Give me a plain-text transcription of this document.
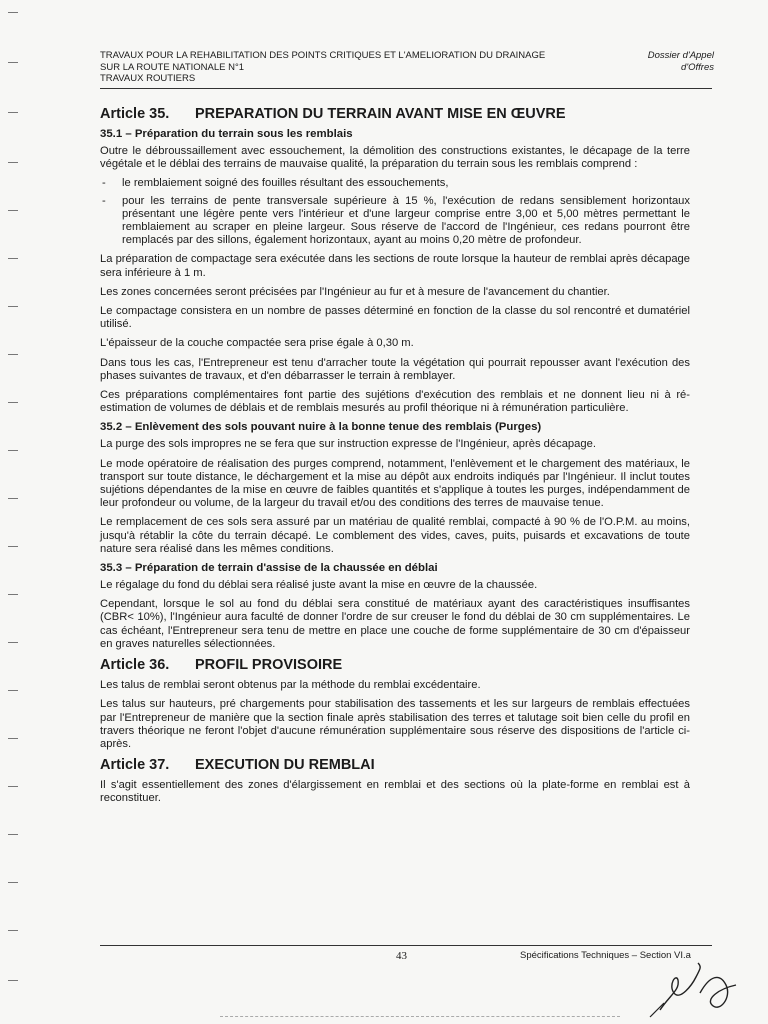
TRAVAUX POUR LA REHABILITATION DES POINTS CRITIQUES ET L'AMELIORATION DU DRAINAGE
SUR LA ROUTE NATIONALE N°1
TRAVAUX ROUTIERS
Dossier d'Appel
d'Offres
Article 35. PREPARATION DU TERRAIN AVANT MISE EN ŒUVRE
35.1 – Préparation du terrain sous les remblais

Outre le débroussaillement avec essouchement, la démolition des constructions existantes, le décapage de la terre végétale et le déblai des terrains de mauvaise qualité, la préparation du terrain sous les remblais comprend :

- le remblaiement soigné des fouilles résultant des essouchements,
- pour les terrains de pente transversale supérieure à 15 %, l'exécution de redans sensiblement horizontaux présentant une légère pente vers l'intérieur et d'une largeur comprise entre 3,00 et 5,00 mètres permettant le remblaiement au scraper en pleine largeur. Sous réserve de l'accord de l'Ingénieur, ces redans pourront être remplacés par des sillons, également horizontaux, ayant au moins 0,20 mètre de profondeur.

La préparation de compactage sera exécutée dans les sections de route lorsque la hauteur de remblai après décapage sera inférieure à 1 m.

Les zones concernées seront précisées par l'Ingénieur au fur et à mesure de l'avancement du chantier.

Le compactage consistera en un nombre de passes déterminé en fonction de la classe du sol rencontré et dumatériel utilisé.

L'épaisseur de la couche compactée sera prise égale à 0,30 m.

Dans tous les cas, l'Entrepreneur est tenu d'arracher toute la végétation qui pourrait repousser avant l'exécution des phases suivantes de travaux, et d'en débarrasser le terrain à remblayer.

Ces préparations complémentaires font partie des sujétions d'exécution des remblais et ne donnent lieu ni à ré-estimation de volumes de déblais et de remblais mesurés au profil théorique ni à rémunération particulière.

35.2 – Enlèvement des sols pouvant nuire à la bonne tenue des remblais (Purges)

La purge des sols impropres ne se fera que sur instruction expresse de l'Ingénieur, après décapage.

Le mode opératoire de réalisation des purges comprend, notamment, l'enlèvement et le chargement des matériaux, le transport sur toute distance, le déchargement et la mise au dépôt aux endroits indiqués par l'Ingénieur. Il inclut toutes sujétions dépendantes de la mise en œuvre de faibles quantités et s'applique à toutes les purges, indépendamment de leur profondeur ou volume, de la largeur du travail et/ou des conditions des terres de mauvaise tenue.

Le remplacement de ces sols sera assuré par un matériau de qualité remblai, compacté à 90 % de l'O.P.M. au moins, jusqu'à rétablir la côte du terrain décapé. Le comblement des vides, caves, puits, puisards et excavations de toute nature sera réalisé dans les mêmes conditions.

35.3 – Préparation de terrain d'assise de la chaussée en déblai

Le régalage du fond du déblai sera réalisé juste avant la mise en œuvre de la chaussée.

Cependant, lorsque le sol au fond du déblai sera constitué de matériaux ayant des caractéristiques insuffisantes (CBR< 10%), l'Ingénieur aura faculté de donner l'ordre de sur creuser le fond du déblai de 30 cm supplémentaires. Le cas échéant, l'Entrepreneur sera tenu de mettre en place une couche de forme supplémentaire de 30 cm d'épaisseur en graves naturelles sélectionnées.

Article 36. PROFIL PROVISOIRE

Les talus de remblai seront obtenus par la méthode du remblai excédentaire.

Les talus sur hauteurs, pré chargements pour stabilisation des tassements et les sur largeurs de remblais effectuées par l'Entrepreneur de manière que la section finale après stabilisation des terres et talutage soit bien celle du profil en travers théorique ne feront l'objet d'aucune rémunération supplémentaire sous réserve des dispositions de l'article ci-après.

Article 37. EXECUTION DU REMBLAI

Il s'agit essentiellement des zones d'élargissement en remblai et des sections où la plate-forme en remblai est à reconstituer.

43	Spécifications Techniques – Section VI.a
